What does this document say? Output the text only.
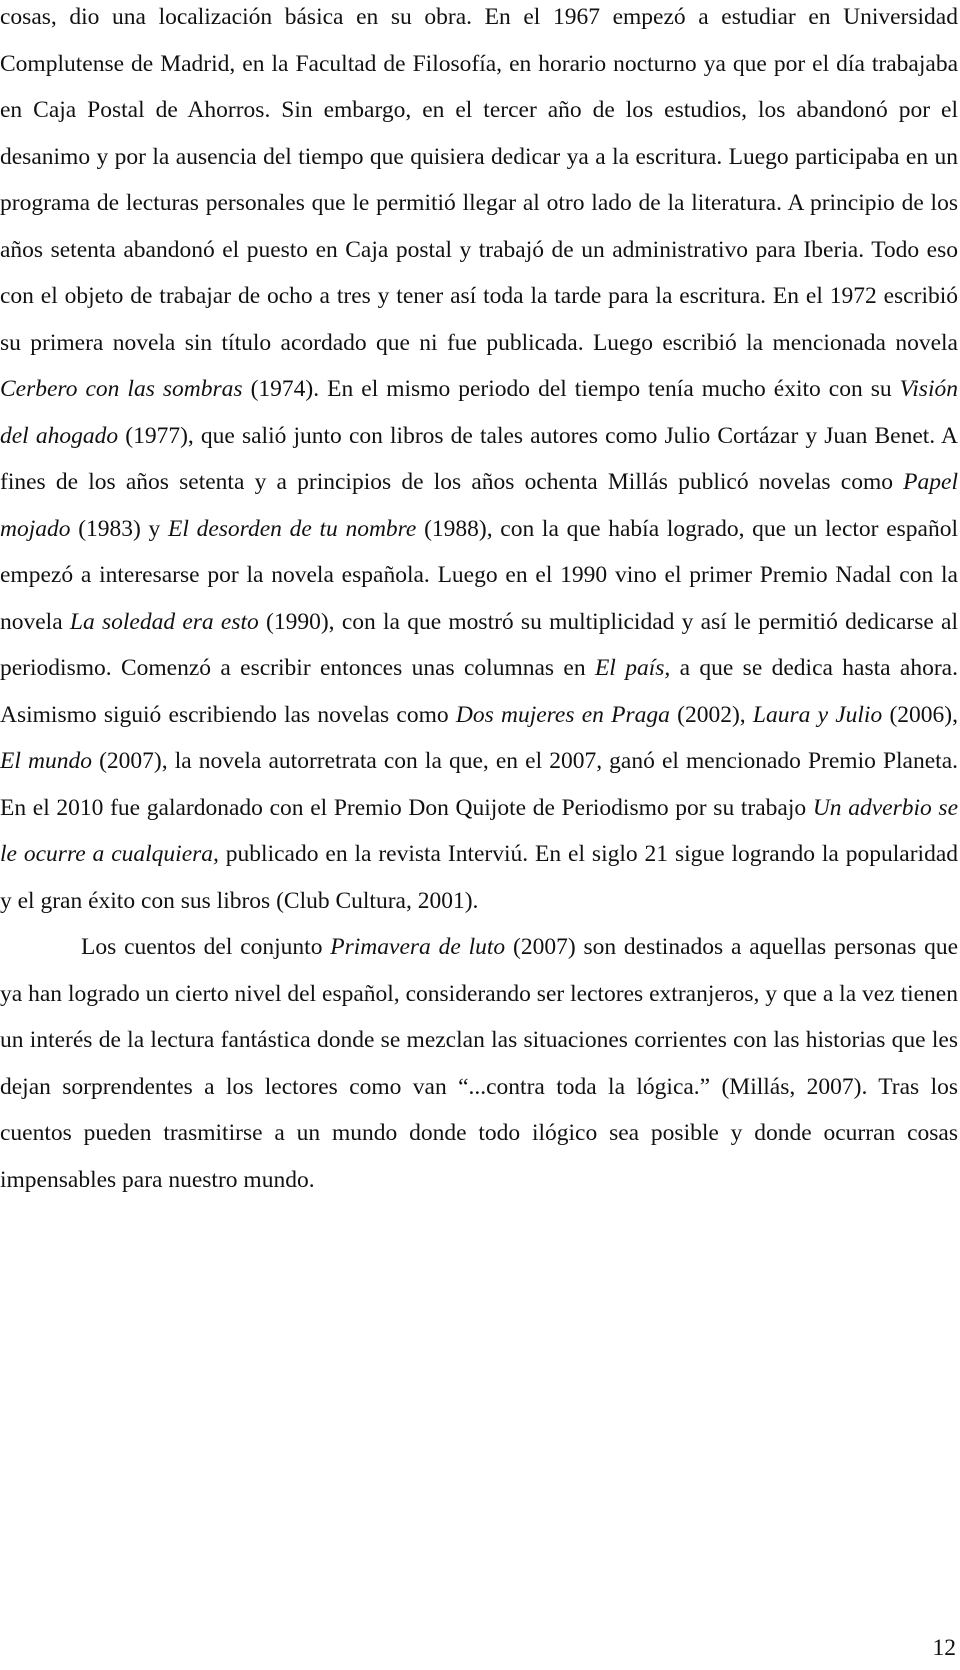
cosas, dio una localización básica en su obra. En el 1967 empezó a estudiar en Universidad Complutense de Madrid, en la Facultad de Filosofía, en horario nocturno ya que por el día trabajaba en Caja Postal de Ahorros. Sin embargo, en el tercer año de los estudios, los abandonó por el desanimo y por la ausencia del tiempo que quisiera dedicar ya a la escritura. Luego participaba en un programa de lecturas personales que le permitió llegar al otro lado de la literatura. A principio de los años setenta abandonó el puesto en Caja postal y trabajó de un administrativo para Iberia. Todo eso con el objeto de trabajar de ocho a tres y tener así toda la tarde para la escritura. En el 1972 escribió su primera novela sin título acordado que ni fue publicada. Luego escribió la mencionada novela Cerbero con las sombras (1974). En el mismo periodo del tiempo tenía mucho éxito con su Visión del ahogado (1977), que salió junto con libros de tales autores como Julio Cortázar y Juan Benet. A fines de los años setenta y a principios de los años ochenta Millás publicó novelas como Papel mojado (1983) y El desorden de tu nombre (1988), con la que había logrado, que un lector español empezó a interesarse por la novela española. Luego en el 1990 vino el primer Premio Nadal con la novela La soledad era esto (1990), con la que mostró su multiplicidad y así le permitió dedicarse al periodismo. Comenzó a escribir entonces unas columnas en El país, a que se dedica hasta ahora. Asimismo siguió escribiendo las novelas como Dos mujeres en Praga (2002), Laura y Julio (2006), El mundo (2007), la novela autorretrata con la que, en el 2007, ganó el mencionado Premio Planeta. En el 2010 fue galardonado con el Premio Don Quijote de Periodismo por su trabajo Un adverbio se le ocurre a cualquiera, publicado en la revista Interviú. En el siglo 21 sigue logrando la popularidad y el gran éxito con sus libros (Club Cultura, 2001).

Los cuentos del conjunto Primavera de luto (2007) son destinados a aquellas personas que ya han logrado un cierto nivel del español, considerando ser lectores extranjeros, y que a la vez tienen un interés de la lectura fantástica donde se mezclan las situaciones corrientes con las historias que les dejan sorprendentes a los lectores como van “...contra toda la lógica.” (Millás, 2007). Tras los cuentos pueden trasmitirse a un mundo donde todo ilógico sea posible y donde ocurran cosas impensables para nuestro mundo.

12
